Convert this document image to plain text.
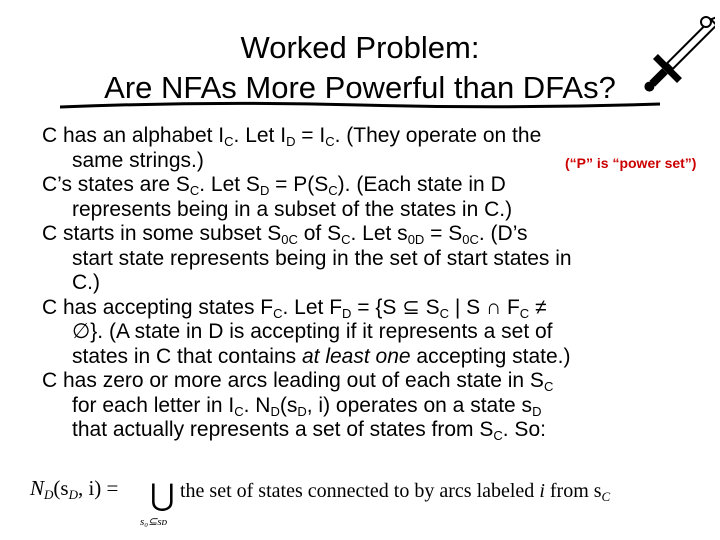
Worked Problem:
Are NFAs More Powerful than DFAs?
(“P” is “power set”)
C has an alphabet $I_C$. Let $I_D = I_C$. (They operate on the
same strings.)
C’s states are $S_C$. Let $S_D = P(S_C)$. (Each state in D
represents being in a subset of the states in C.)
C starts in some subset $S_{0C}$ of $S_C$. Let $s_{0D} = S_{0C}$. (D’s
start state represents being in the set of start states in
C.)
C has accepting states $F_C$. Let $F_D = \{S$ ⊆ $S_C$ | S ∩ $F_C$ ≠
∅}. (A state in D is accepting if it represents a set of
states in C that contains at least one accepting state.)
C has zero or more arcs leading out of each state in $S_C$
for each letter in $I_C$. $N_D(s_D$, i) operates on a state $s_D$
that actually represents a set of states from $S_C$. So:
$N_D(s_D$, i) = ⋃
s₀⊆sᴅ
the set of states connected to by arcs labeled i from $s_C$
